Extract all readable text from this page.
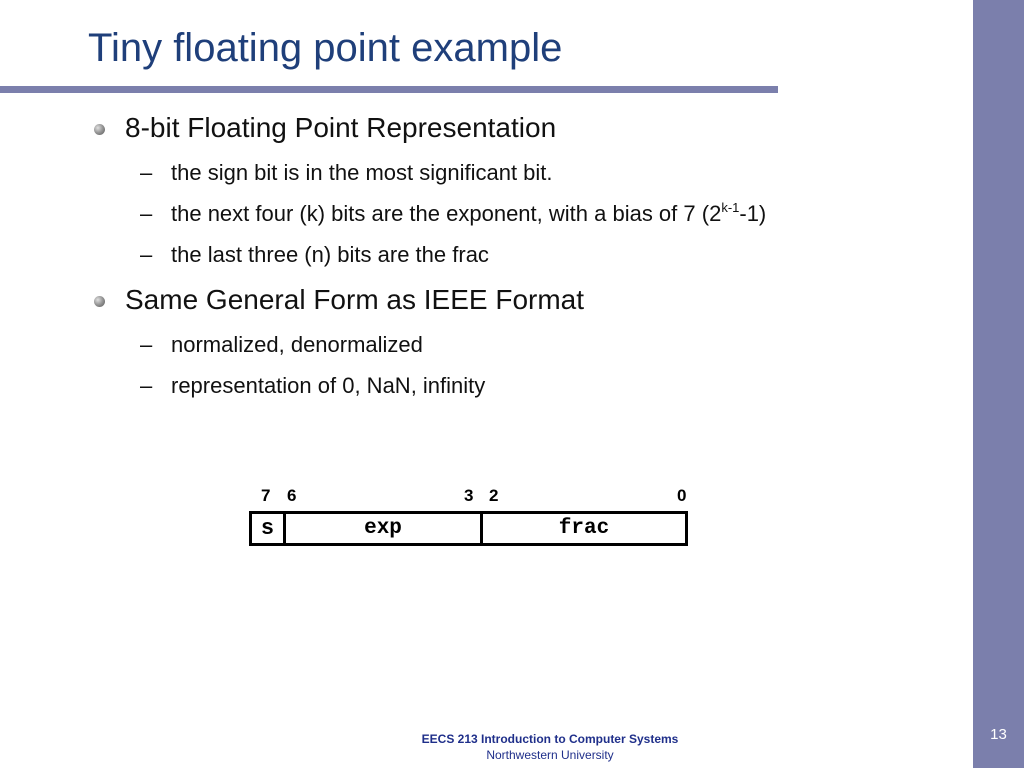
13
Tiny floating point example
8-bit Floating Point Representation
– the sign bit is in the most significant bit.
– the next four (k) bits are the exponent, with a bias of 7 (2$^{k-1}$-1)
– the last three (n) bits are the frac
Same General Form as IEEE Format
– normalized, denormalized
– representation of 0, NaN, infinity
7 6	3 2	0
s	exp	frac
EECS 213 Introduction to Computer Systems
Northwestern University
